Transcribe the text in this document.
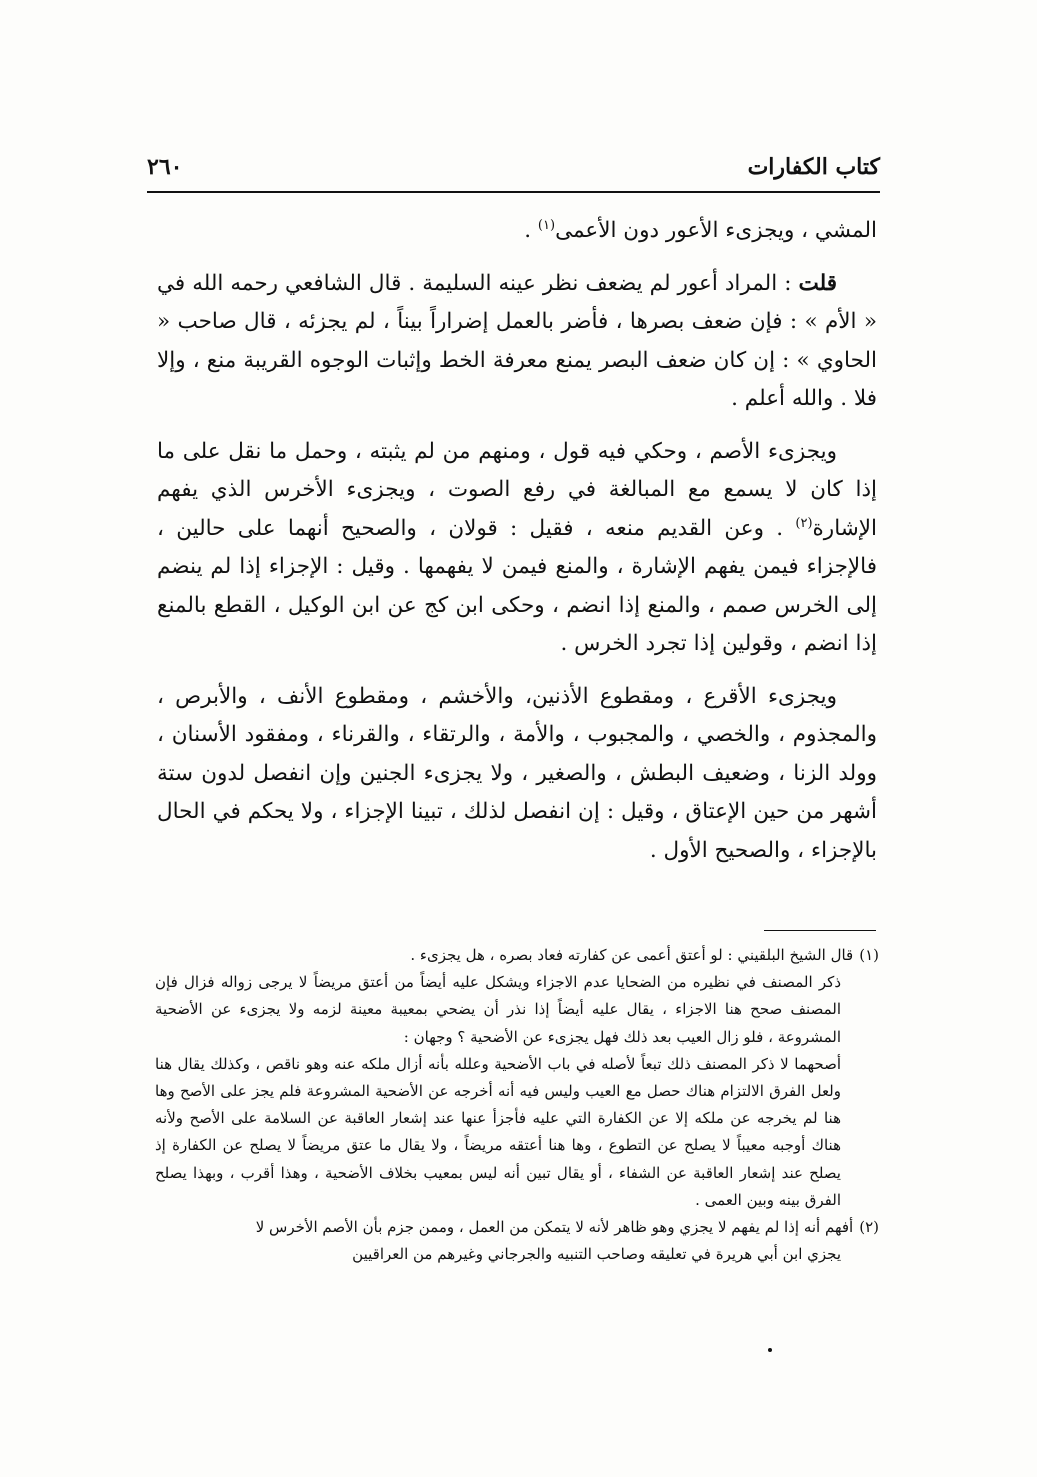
كتاب الكفارات
٢٦٠

المشي ، ويجزىء الأعور دون الأعمى$^{(١)}$ .

قلت : المراد أعور لم يضعف نظر عينه السليمة . قال الشافعي رحمه الله في « الأم » : فإن ضعف بصرها ، فأضر بالعمل إضراراً بيناً ، لم يجزئه ، قال صاحب « الحاوي » : إن كان ضعف البصر يمنع معرفة الخط وإثبات الوجوه القريبة منع ، وإلا فلا . والله أعلم .

ويجزىء الأصم ، وحكي فيه قول ، ومنهم من لم يثبته ، وحمل ما نقل على ما إذا كان لا يسمع مع المبالغة في رفع الصوت ، ويجزىء الأخرس الذي يفهم الإشارة$^{(٢)}$ . وعن القديم منعه ، فقيل : قولان ، والصحيح أنهما على حالين ، فالإجزاء فيمن يفهم الإشارة ، والمنع فيمن لا يفهمها . وقيل : الإجزاء إذا لم ينضم إلى الخرس صمم ، والمنع إذا انضم ، وحكى ابن كج عن ابن الوكيل ، القطع بالمنع إذا انضم ، وقولين إذا تجرد الخرس .

ويجزىء الأقرع ، ومقطوع الأذنين، والأخشم ، ومقطوع الأنف ، والأبرص ، والمجذوم ، والخصي ، والمجبوب ، والأمة ، والرتقاء ، والقرناء ، ومفقود الأسنان ، وولد الزنا ، وضعيف البطش ، والصغير ، ولا يجزىء الجنين وإن انفصل لدون ستة أشهر من حين الإعتاق ، وقيل : إن انفصل لذلك ، تبينا الإجزاء ، ولا يحكم في الحال بالإجزاء ، والصحيح الأول .

(١)قال الشيخ البلقيني : لو أعتق أعمى عن كفارته فعاد بصره ، هل يجزىء .

ذكر المصنف في نظيره من الضحايا عدم الاجزاء ويشكل عليه أيضاً من أعتق مريضاً لا يرجى زواله فزال فإن المصنف صحح هنا الاجزاء ، يقال عليه أيضاً إذا نذر أن يضحي بمعيبة معينة لزمه ولا يجزىء عن الأضحية المشروعة ، فلو زال العيب بعد ذلك فهل يجزىء عن الأضحية ؟ وجهان :

أصحهما لا ذكر المصنف ذلك تبعاً لأصله في باب الأضحية وعلله بأنه أزال ملكه عنه وهو ناقص ، وكذلك يقال هنا ولعل الفرق الالتزام هناك حصل مع العيب وليس فيه أنه أخرجه عن الأضحية المشروعة فلم يجز على الأصح وها هنا لم يخرجه عن ملكه إلا عن الكفارة التي عليه فأجزأ عنها عند إشعار العاقبة عن السلامة على الأصح ولأنه هناك أوجبه معيباً لا يصلح عن التطوع ، وها هنا أعتقه مريضاً ، ولا يقال ما عتق مريضاً لا يصلح عن الكفارة إذ يصلح عند إشعار العاقبة عن الشفاء ، أو يقال تبين أنه ليس بمعيب بخلاف الأضحية ، وهذا أقرب ، وبهذا يصلح الفرق بينه وبين العمى .

(٢)أفهم أنه إذا لم يفهم لا يجزي وهو ظاهر لأنه لا يتمكن من العمل ، وممن جزم بأن الأصم الأخرس لا

يجزي ابن أبي هريرة في تعليقه وصاحب التنبيه والجرجاني وغيرهم من العراقيين
